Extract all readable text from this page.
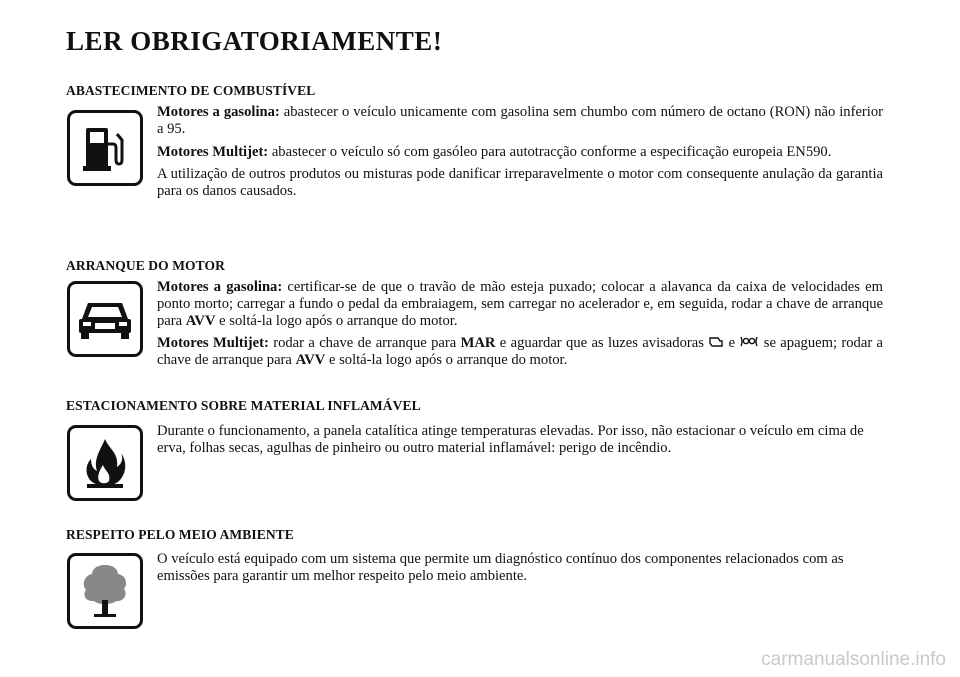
LER OBRIGATORIAMENTE!
ABASTECIMENTO DE COMBUSTÍVEL

Motores a gasolina: abastecer o veículo unicamente com gasolina sem chumbo com número de octano (RON) não inferior a 95.

Motores Multijet: abastecer o veículo só com gasóleo para autotracção conforme a especificação europeia EN590.

A utilização de outros produtos ou misturas pode danificar irreparavelmente o motor com consequente anulação da garantia para os danos causados.

ARRANQUE DO MOTOR

Motores a gasolina: certificar-se de que o travão de mão esteja puxado; colocar a alavanca da caixa de velocidades em ponto morto; carregar a fundo o pedal da embraiagem, sem carregar no acelerador e, em seguida, rodar a chave de arranque para AVV e soltá-la logo após o arranque do motor.

Motores Multijet: rodar a chave de arranque para MAR e aguardar que as luzes avisadoras  e  se apaguem; rodar a chave de arranque para AVV e soltá-la logo após o arranque do motor.

ESTACIONAMENTO SOBRE MATERIAL INFLAMÁVEL

Durante o funcionamento, a panela catalítica atinge temperaturas elevadas. Por isso, não estacionar o veículo em cima de erva, folhas secas, agulhas de pinheiro ou outro material inflamável: perigo de incêndio.

RESPEITO PELO MEIO AMBIENTE

O veículo está equipado com um sistema que permite um diagnóstico contínuo dos componentes relacionados com as emissões para garantir um melhor respeito pelo meio ambiente.

carmanualsonline.info
